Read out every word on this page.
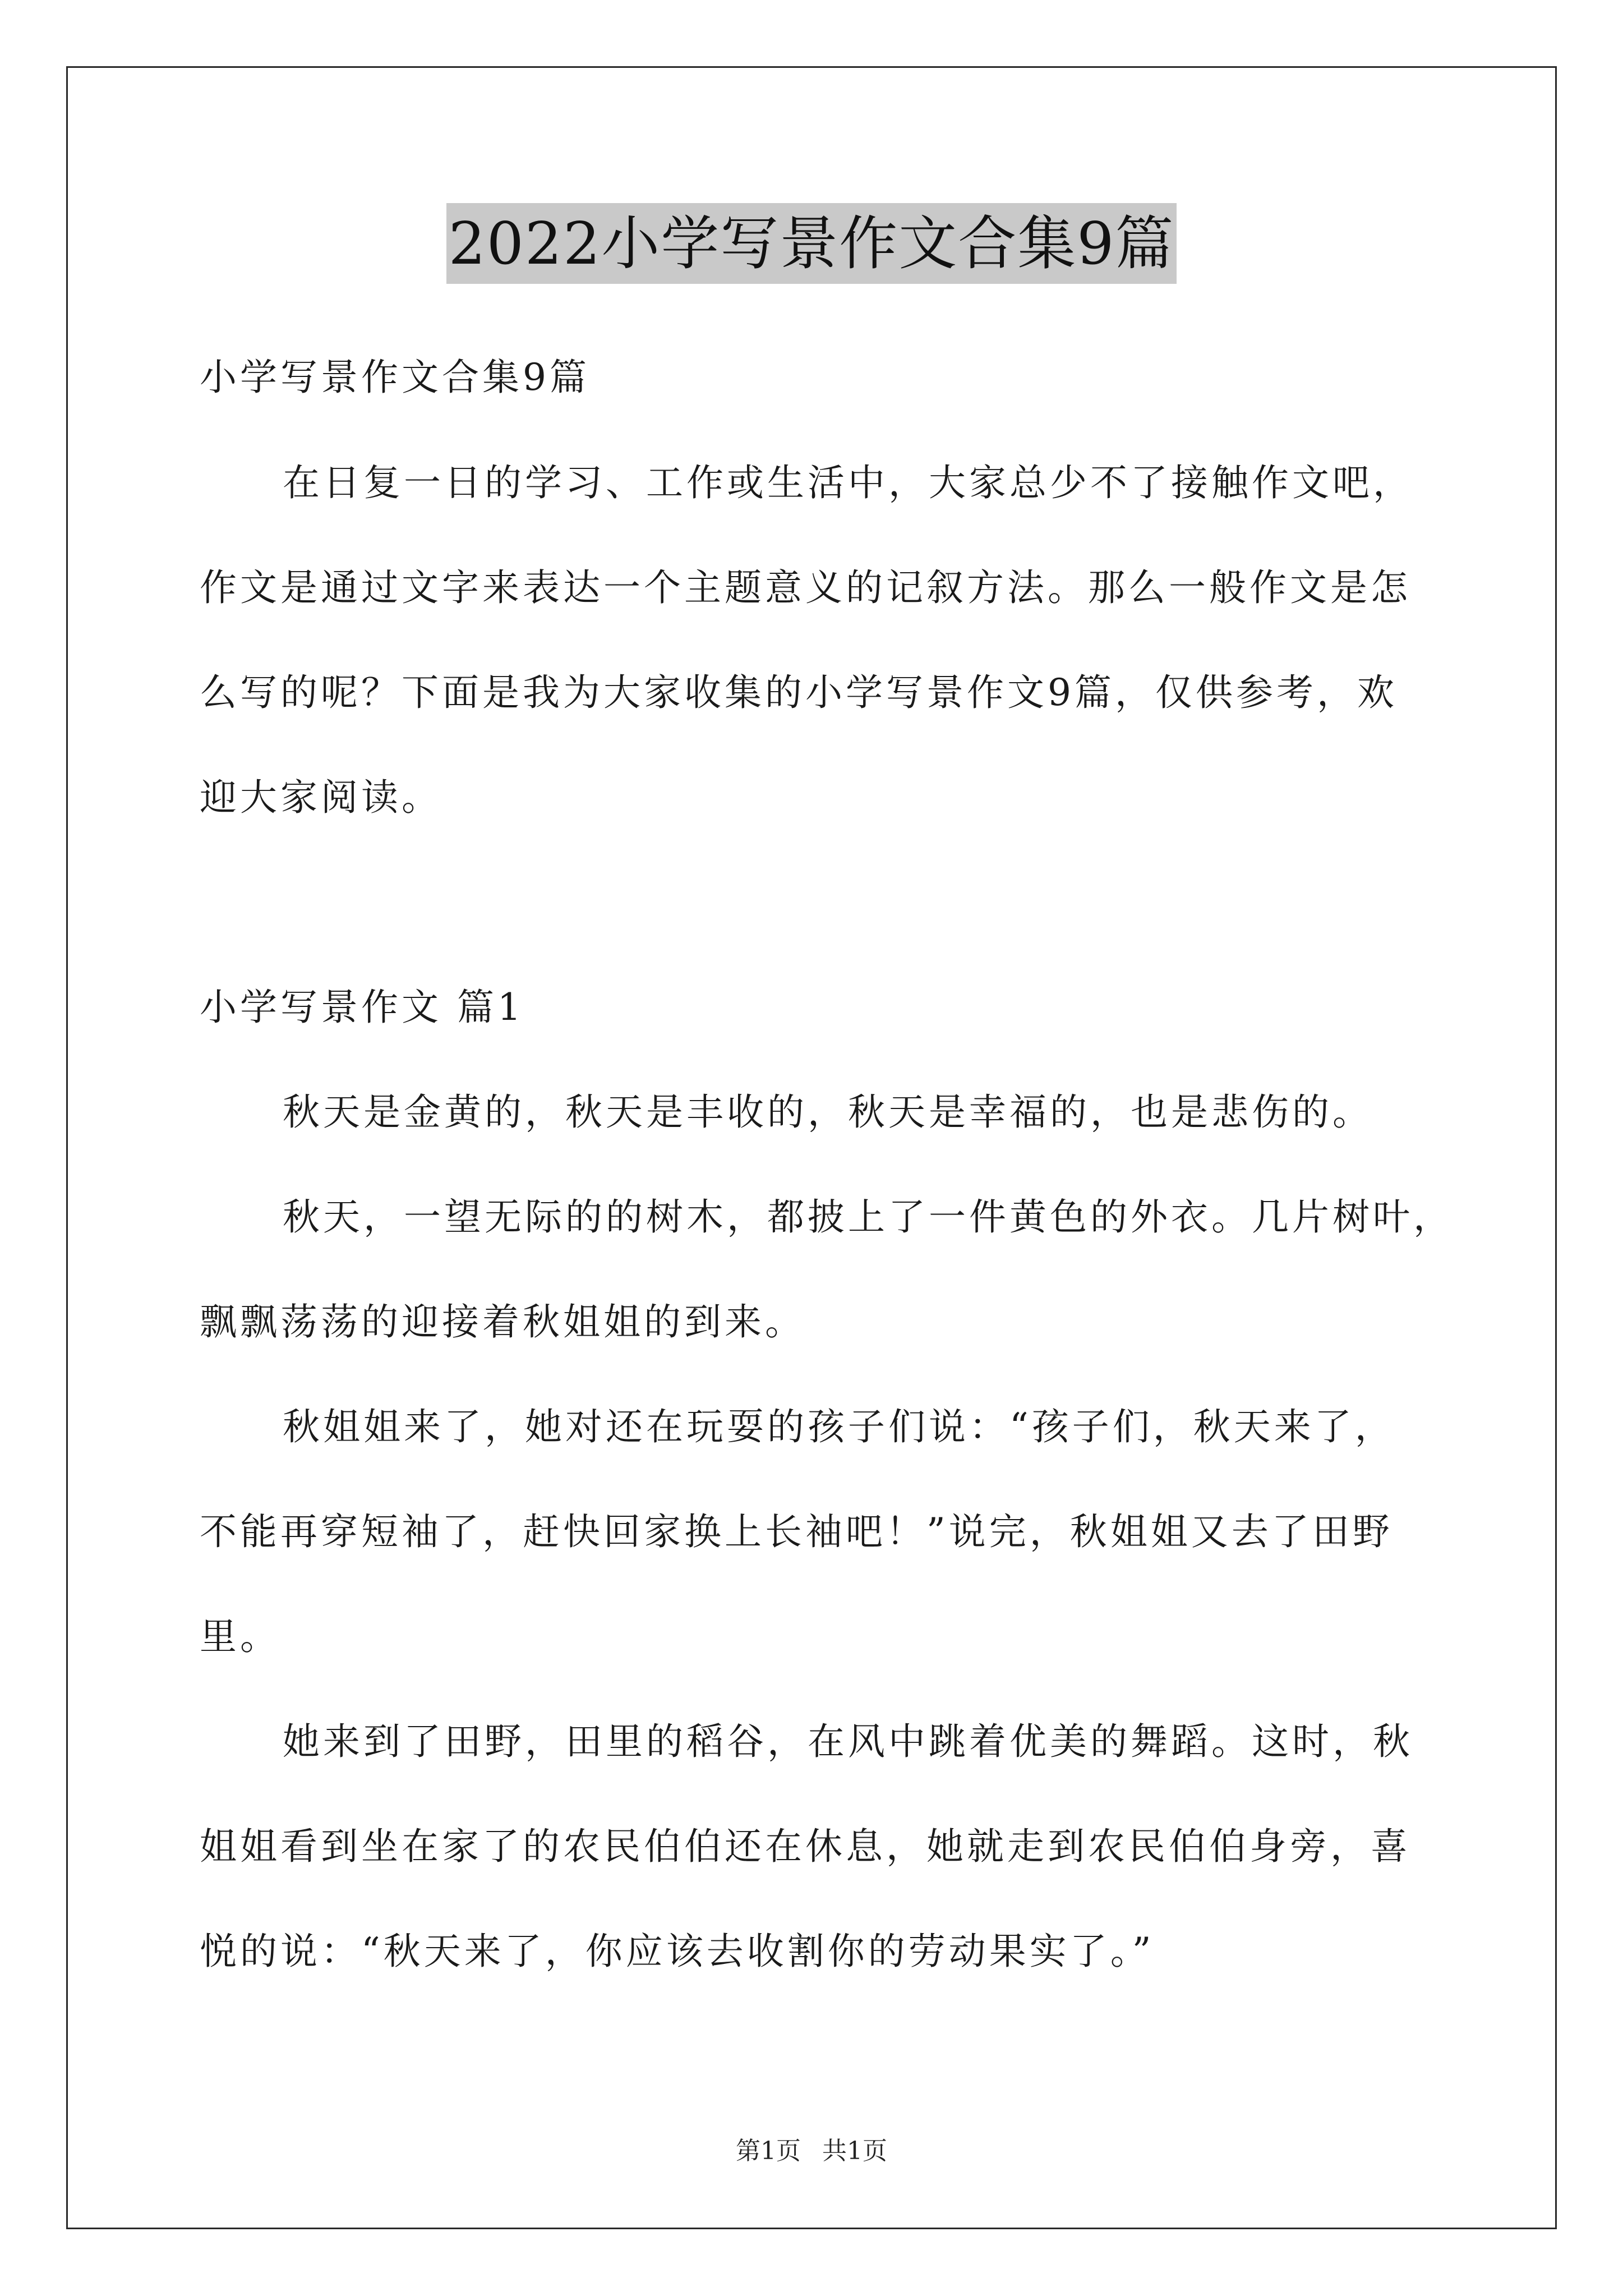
2022小学写景作文合集9篇

小学写景作文合集9篇

在日复一日的学习、工作或生活中，大家总少不了接触作文吧，

作文是通过文字来表达一个主题意义的记叙方法。那么一般作文是怎

么写的呢？下面是我为大家收集的小学写景作文9篇，仅供参考，欢

迎大家阅读。

小学写景作文 篇1

秋天是金黄的，秋天是丰收的，秋天是幸福的，也是悲伤的。

秋天，一望无际的的树木，都披上了一件黄色的外衣。几片树叶，

飘飘荡荡的迎接着秋姐姐的到来。

秋姐姐来了，她对还在玩耍的孩子们说：“孩子们，秋天来了，

不能再穿短袖了，赶快回家换上长袖吧！”说完，秋姐姐又去了田野

里。

她来到了田野，田里的稻谷，在风中跳着优美的舞蹈。这时，秋

姐姐看到坐在家了的农民伯伯还在休息，她就走到农民伯伯身旁，喜

悦的说：“秋天来了，你应该去收割你的劳动果实了。”

第1页 共1页
